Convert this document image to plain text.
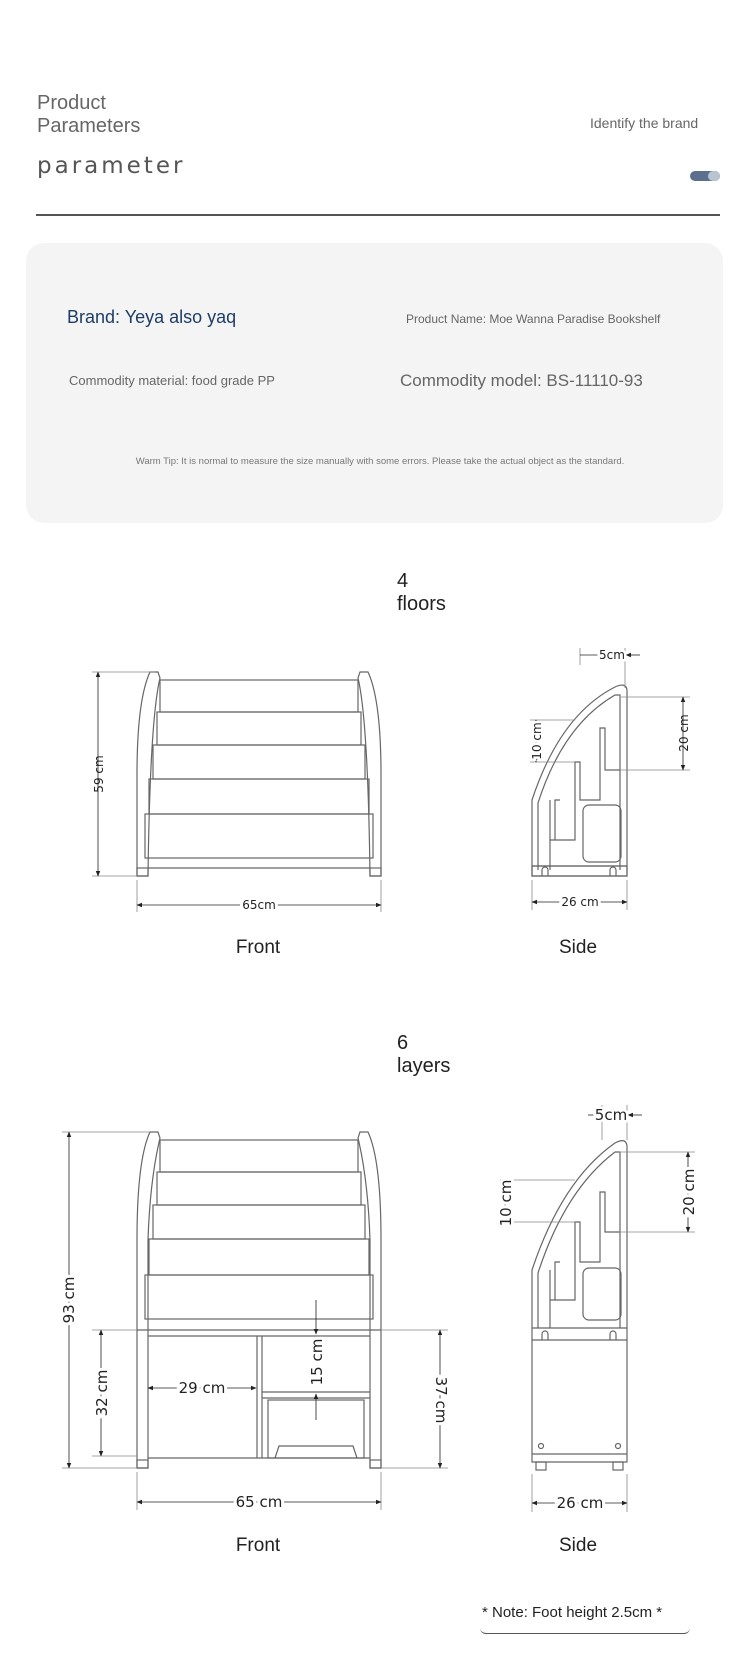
Product
Parameters
parameter
Identify the brand
Brand: Yeya also yaq	Product Name: Moe Wanna Paradise Bookshelf
Commodity material: food grade PP	Commodity model: BS-11110-93
Warm Tip: It is normal to measure the size manually with some errors. Please take the actual object as the standard.
4
floors
6
layers
59 cm
65cm
5cm
20 cm
10 cm
26 cm
93 cm
32 cm	29 cm
15 cm
37 cm
65 cm
5cm
20 cm
10 cm
26 cm
Front	Side
Front	Side
* Note: Foot height 2.5cm *
